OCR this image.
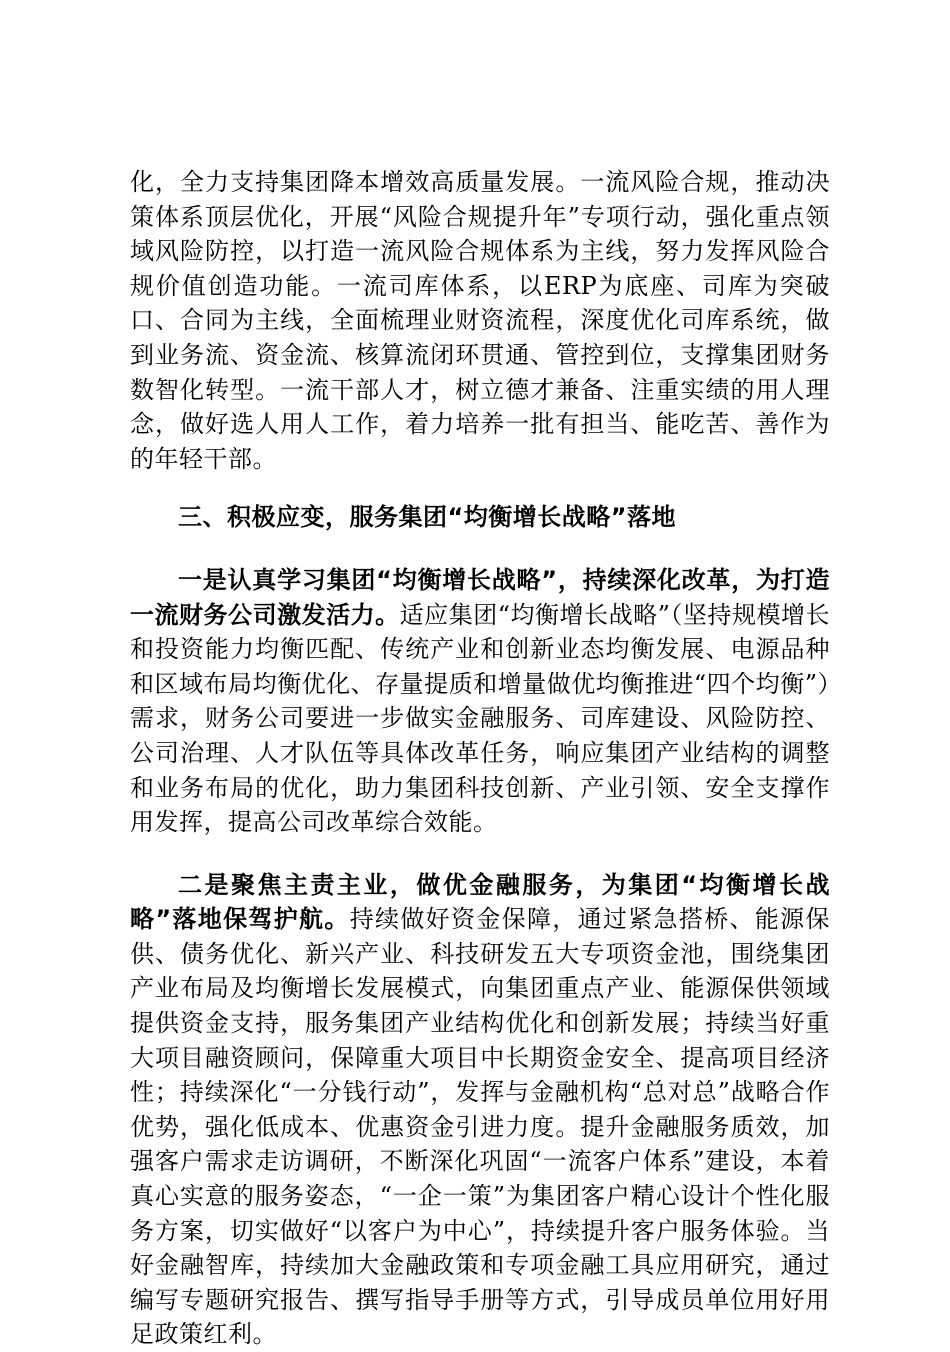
化，全力支持集团降本增效高质量发展。一流风险合规，推动决策体系顶层优化，开展“风险合规提升年”专项行动，强化重点领域风险防控，以打造一流风险合规体系为主线，努力发挥风险合规价值创造功能。一流司库体系，以ERP为底座、司库为突破口、合同为主线，全面梳理业财资流程，深度优化司库系统，做到业务流、资金流、核算流闭环贯通、管控到位，支撑集团财务数智化转型。一流干部人才，树立德才兼备、注重实绩的用人理念，做好选人用人工作，着力培养一批有担当、能吃苦、善作为的年轻干部。

三、积极应变，服务集团“均衡增长战略”落地

一是认真学习集团“均衡增长战略”，持续深化改革，为打造一流财务公司激发活力。适应集团“均衡增长战略”（坚持规模增长和投资能力均衡匹配、传统产业和创新业态均衡发展、电源品种和区域布局均衡优化、存量提质和增量做优均衡推进“四个均衡”）需求，财务公司要进一步做实金融服务、司库建设、风险防控、公司治理、人才队伍等具体改革任务，响应集团产业结构的调整和业务布局的优化，助力集团科技创新、产业引领、安全支撑作用发挥，提高公司改革综合效能。

二是聚焦主责主业，做优金融服务，为集团“均衡增长战略”落地保驾护航。持续做好资金保障，通过紧急搭桥、能源保供、债务优化、新兴产业、科技研发五大专项资金池，围绕集团产业布局及均衡增长发展模式，向集团重点产业、能源保供领域提供资金支持，服务集团产业结构优化和创新发展；持续当好重大项目融资顾问，保障重大项目中长期资金安全、提高项目经济性；持续深化“一分钱行动”，发挥与金融机构“总对总”战略合作优势，强化低成本、优惠资金引进力度。提升金融服务质效，加强客户需求走访调研，不断深化巩固“一流客户体系”建设，本着真心实意的服务姿态，“一企一策”为集团客户精心设计个性化服务方案，切实做好“以客户为中心”，持续提升客户服务体验。当好金融智库，持续加大金融政策和专项金融工具应用研究，通过编写专题研究报告、撰写指导手册等方式，引导成员单位用好用足政策红利。
